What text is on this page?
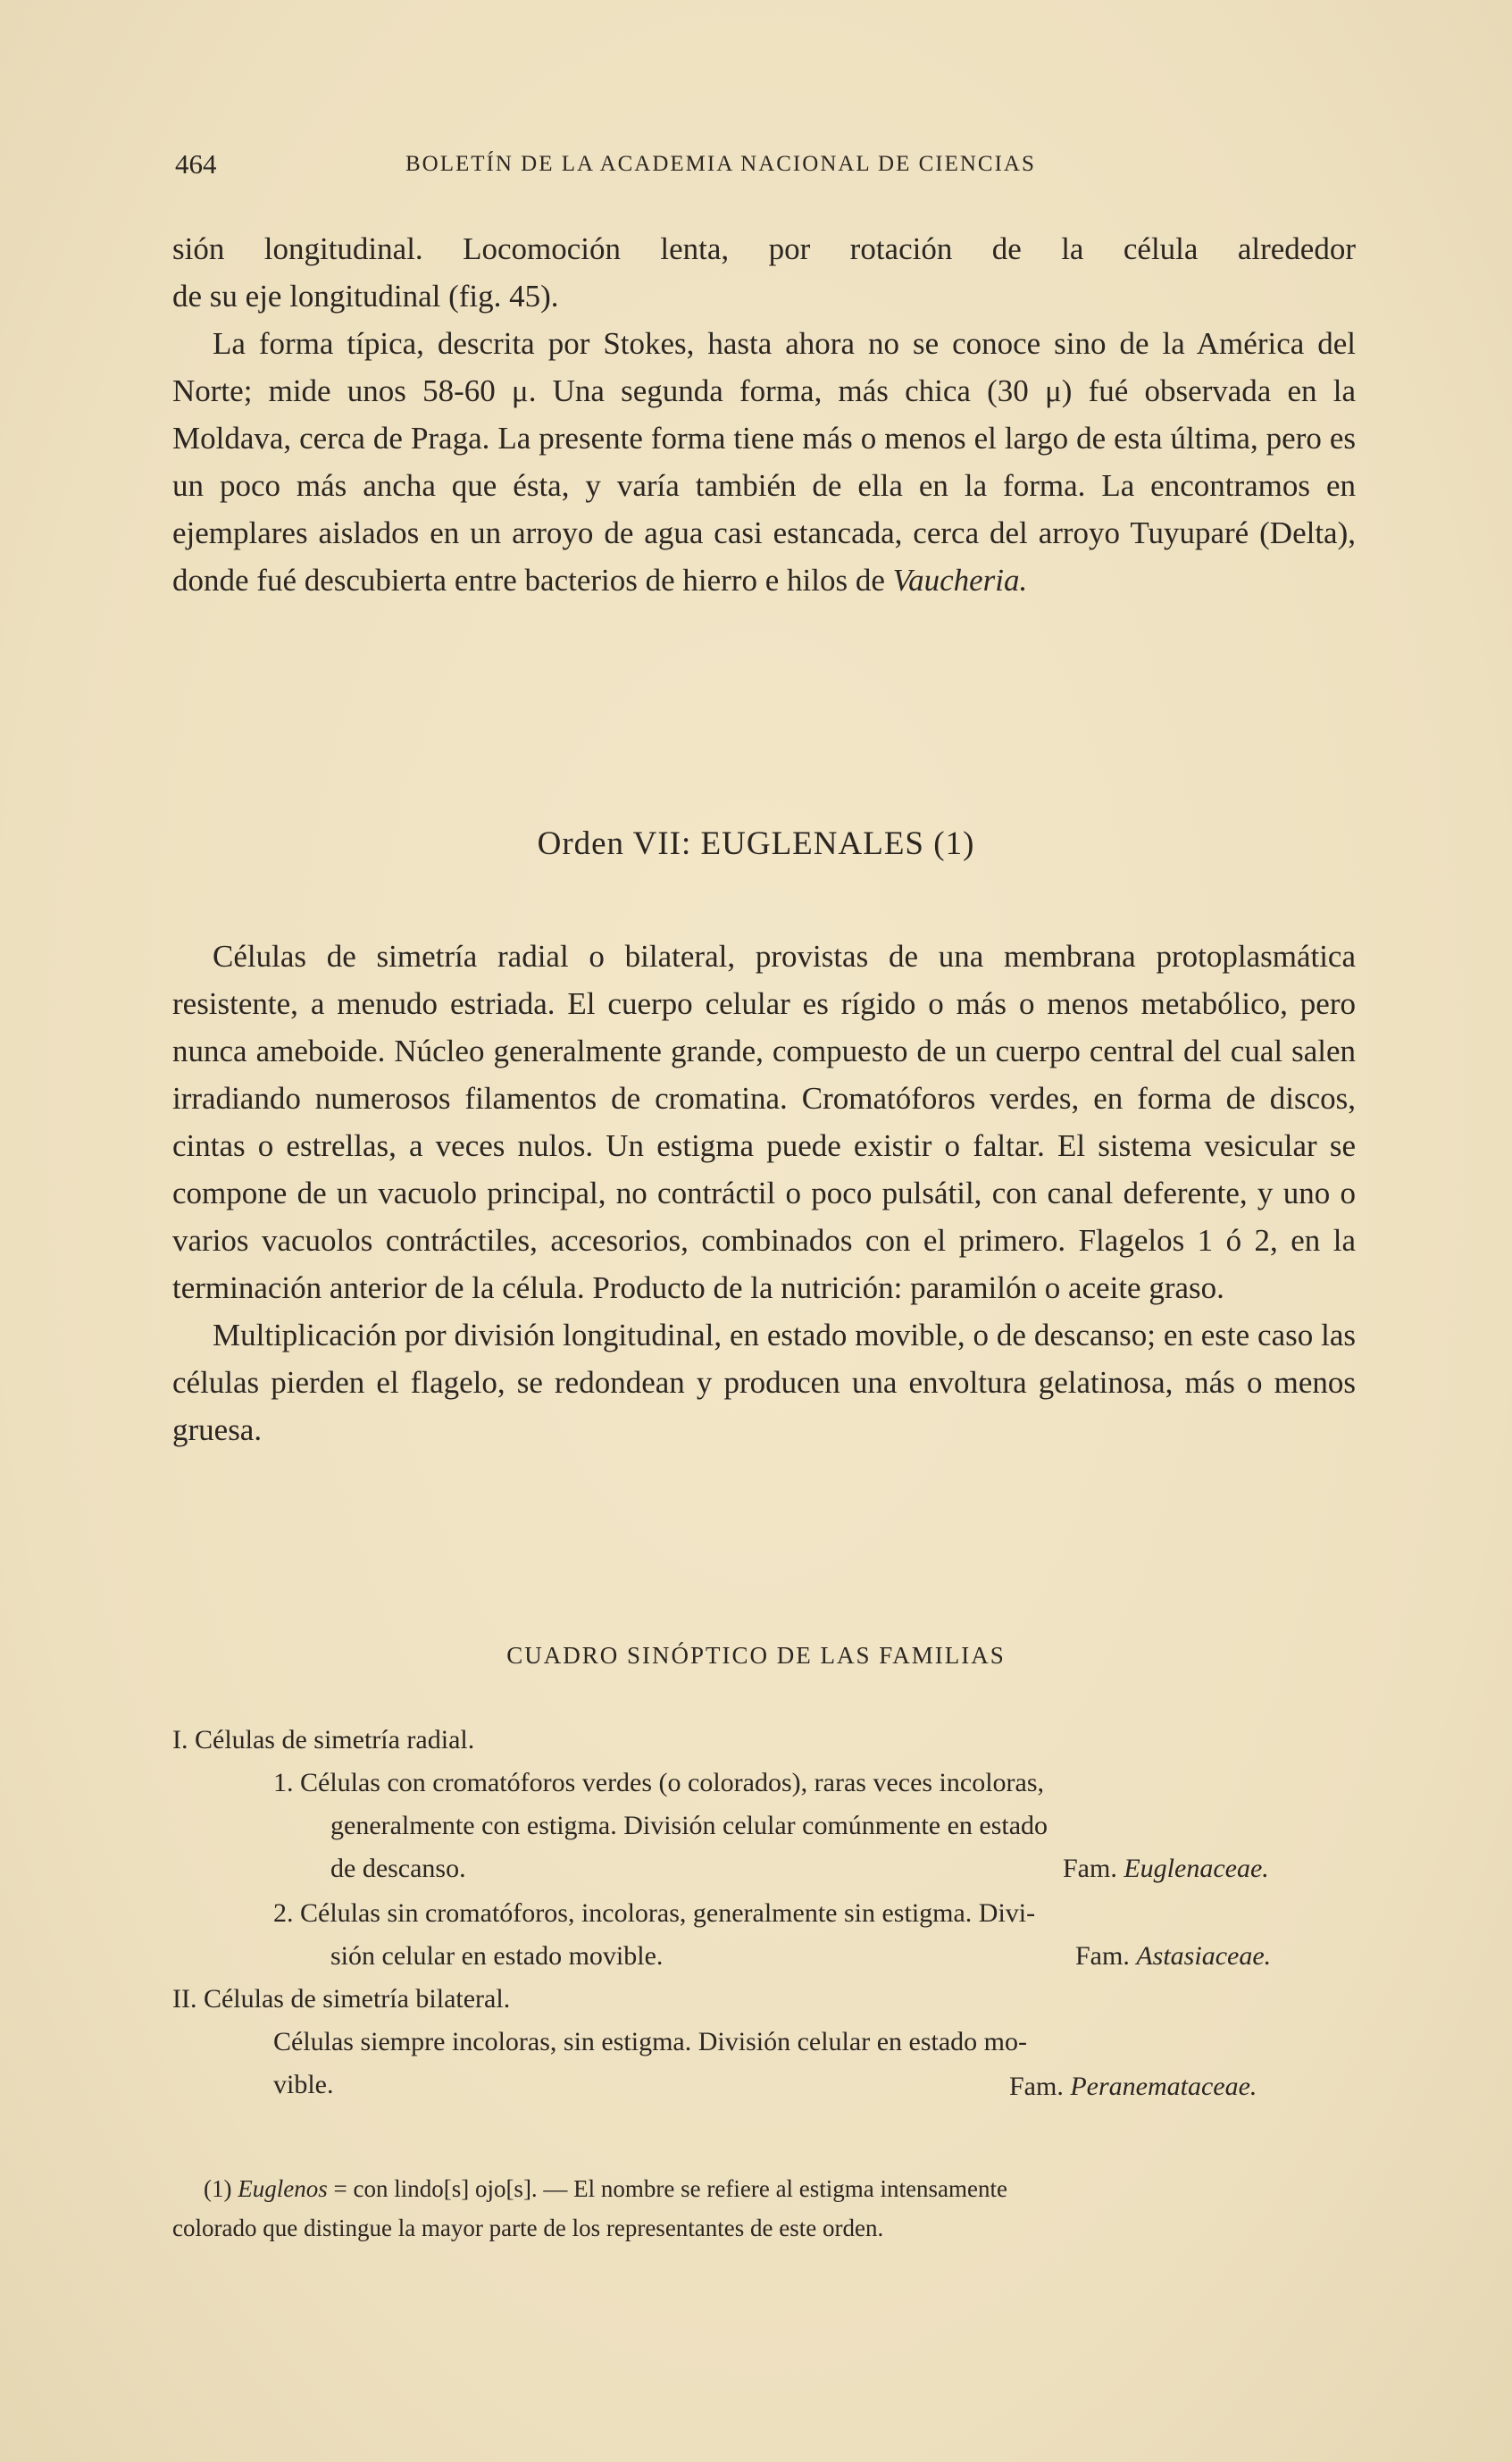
464	BOLETÍN DE LA ACADEMIA NACIONAL DE CIENCIAS

sión longitudinal. Locomoción lenta, por rotación de la célula alrededor

de su eje longitudinal (fig. 45).

La forma típica, descrita por Stokes, hasta ahora no se conoce sino de la América del Norte; mide unos 58-60 μ. Una segunda forma, más chica (30 μ) fué observada en la Moldava, cerca de Praga. La presente forma tiene más o menos el largo de esta última, pero es un poco más ancha que ésta, y varía también de ella en la forma. La encontramos en ejemplares aislados en un arroyo de agua casi estancada, cerca del arroyo Tuyuparé (Delta), donde fué descubierta entre bacterios de hierro e hilos de Vaucheria.

Orden VII: EUGLENALES (1)

Células de simetría radial o bilateral, provistas de una membrana protoplasmática resistente, a menudo estriada. El cuerpo celular es rígido o más o menos metabólico, pero nunca ameboide. Núcleo generalmente grande, compuesto de un cuerpo central del cual salen irradiando numerosos filamentos de cromatina. Cromatóforos verdes, en forma de discos, cintas o estrellas, a veces nulos. Un estigma puede existir o faltar. El sistema vesicular se compone de un vacuolo principal, no contráctil o poco pulsátil, con canal deferente, y uno o varios vacuolos contráctiles, accesorios, combinados con el primero. Flagelos 1 ó 2, en la terminación anterior de la célula. Producto de la nutrición: paramilón o aceite graso.

Multiplicación por división longitudinal, en estado movible, o de descanso; en este caso las células pierden el flagelo, se redondean y producen una envoltura gelatinosa, más o menos gruesa.

CUADRO SINÓPTICO DE LAS FAMILIAS
I. Células de simetría radial.
1. Células con cromatóforos verdes (o colorados), raras veces incoloras,
generalmente con estigma. División celular comúnmente en estado
de descanso.	Fam. Euglenaceae.
2. Células sin cromatóforos, incoloras, generalmente sin estigma. Divi-
sión celular en estado movible.	Fam. Astasiaceae.
II. Células de simetría bilateral.
Células siempre incoloras, sin estigma. División celular en estado mo-
vible.	Fam. Peranemataceae.
(1) Euglenos = con lindo[s] ojo[s]. — El nombre se refiere al estigma intensamente
colorado que distingue la mayor parte de los representantes de este orden.
